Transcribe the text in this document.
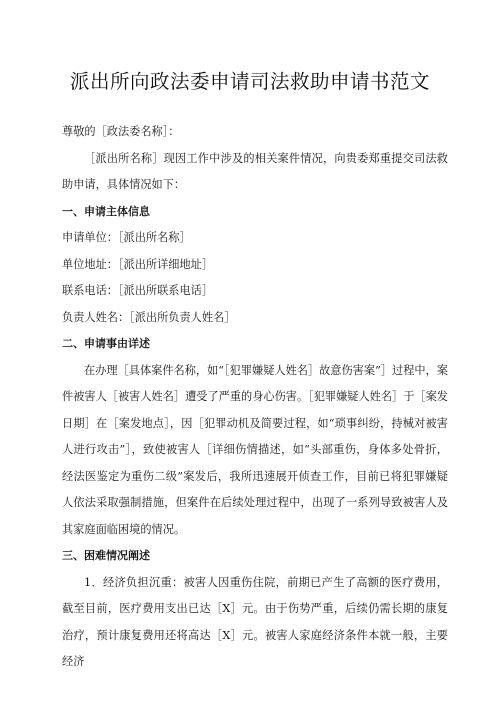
派出所向政法委申请司法救助申请书范文

尊敬的［政法委名称］：

［派出所名称］现因工作中涉及的相关案件情况，向贵委郑重提交司法救助申请，具体情况如下：

一、申请主体信息

申请单位：［派出所名称］

单位地址：［派出所详细地址］

联系电话：［派出所联系电话］

负责人姓名：［派出所负责人姓名］

二、申请事由详述

在办理［具体案件名称，如“［犯罪嫌疑人姓名］故意伤害案”］过程中，案件被害人［被害人姓名］遭受了严重的身心伤害。［犯罪嫌疑人姓名］于［案发日期］在［案发地点］，因［犯罪动机及简要过程，如“琐事纠纷，持械对被害人进行攻击”］，致使被害人［详细伤情描述，如“头部重伤，身体多处骨折，经法医鉴定为重伤二级”案发后，我所迅速展开侦查工作，目前已将犯罪嫌疑人依法采取强制措施，但案件在后续处理过程中，出现了一系列导致被害人及其家庭面临困境的情况。

三、困难情况阐述

1．经济负担沉重：被害人因重伤住院，前期已产生了高额的医疗费用，截至目前，医疗费用支出已达［X］元。由于伤势严重，后续仍需长期的康复治疗，预计康复费用还将高达［X］元。被害人家庭经济条件本就一般，主要经济
